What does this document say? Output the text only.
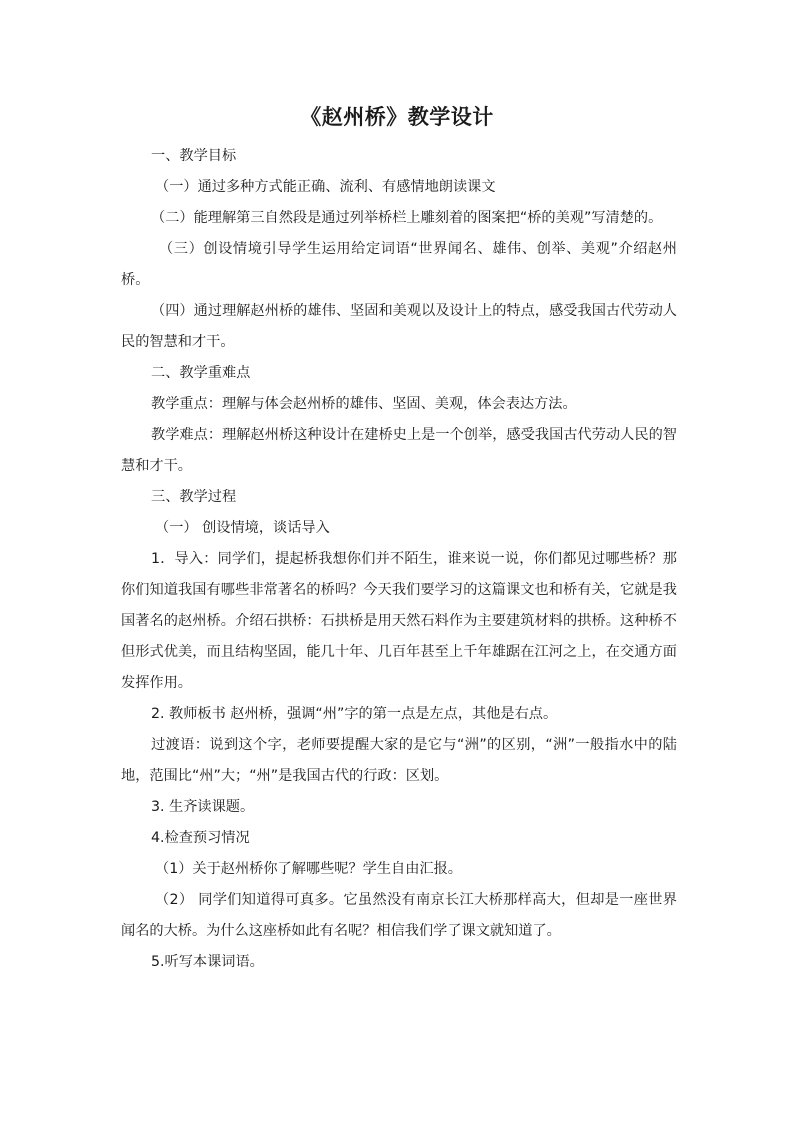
《赵州桥》教学设计

一、教学目标

（一）通过多种方式能正确、流利、有感情地朗读课文

（二）能理解第三自然段是通过列举桥栏上雕刻着的图案把“桥的美观”写清楚的。

（三）创设情境引导学生运用给定词语“世界闻名、雄伟、创举、美观”介绍赵州桥。

（四）通过理解赵州桥的雄伟、坚固和美观以及设计上的特点，感受我国古代劳动人民的智慧和才干。

二、教学重难点

教学重点：理解与体会赵州桥的雄伟、坚固、美观，体会表达方法。

教学难点：理解赵州桥这种设计在建桥史上是一个创举，感受我国古代劳动人民的智慧和才干。

三、教学过程

（一） 创设情境，谈话导入

1．导入：同学们，提起桥我想你们并不陌生，谁来说一说，你们都见过哪些桥？那你们知道我国有哪些非常著名的桥吗？今天我们要学习的这篇课文也和桥有关，它就是我国著名的赵州桥。介绍石拱桥：石拱桥是用天然石料作为主要建筑材料的拱桥。这种桥不但形式优美，而且结构坚固，能几十年、几百年甚至上千年雄踞在江河之上，在交通方面发挥作用。

2. 教师板书 赵州桥，强调“州”字的第一点是左点，其他是右点。

过渡语：说到这个字，老师要提醒大家的是它与“洲”的区别，“洲”一般指水中的陆地，范围比“州”大；“州”是我国古代的行政：区划。

3. 生齐读课题。

4.检查预习情况

（1）关于赵州桥你了解哪些呢？学生自由汇报。

（2） 同学们知道得可真多。它虽然没有南京长江大桥那样高大，但却是一座世界闻名的大桥。为什么这座桥如此有名呢？相信我们学了课文就知道了。

5.听写本课词语。
